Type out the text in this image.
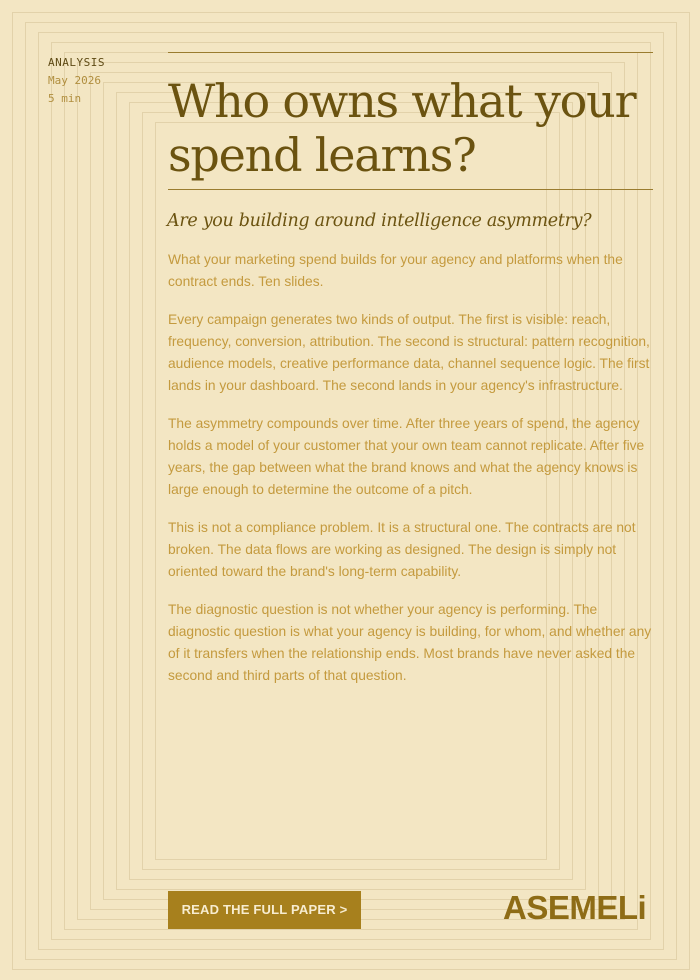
ANALYSIS
May 2026
5 min	Who owns what your spend learns?
Are you building around intelligence asymmetry?

What your marketing spend builds for your agency and platforms when the contract ends. Ten slides.

Every campaign generates two kinds of output. The first is visible: reach, frequency, conversion, attribution. The second is structural: pattern recognition, audience models, creative performance data, channel sequence logic. The first lands in your dashboard. The second lands in your agency's infrastructure.

The asymmetry compounds over time. After three years of spend, the agency holds a model of your customer that your own team cannot replicate. After five years, the gap between what the brand knows and what the agency knows is large enough to determine the outcome of a pitch.

This is not a compliance problem. It is a structural one. The contracts are not broken. The data flows are working as designed. The design is simply not oriented toward the brand's long-term capability.

The diagnostic question is not whether your agency is performing. The diagnostic question is what your agency is building, for whom, and whether any of it transfers when the relationship ends. Most brands have never asked the second and third parts of that question.

READ THE FULL PAPER >	ASEMELi
